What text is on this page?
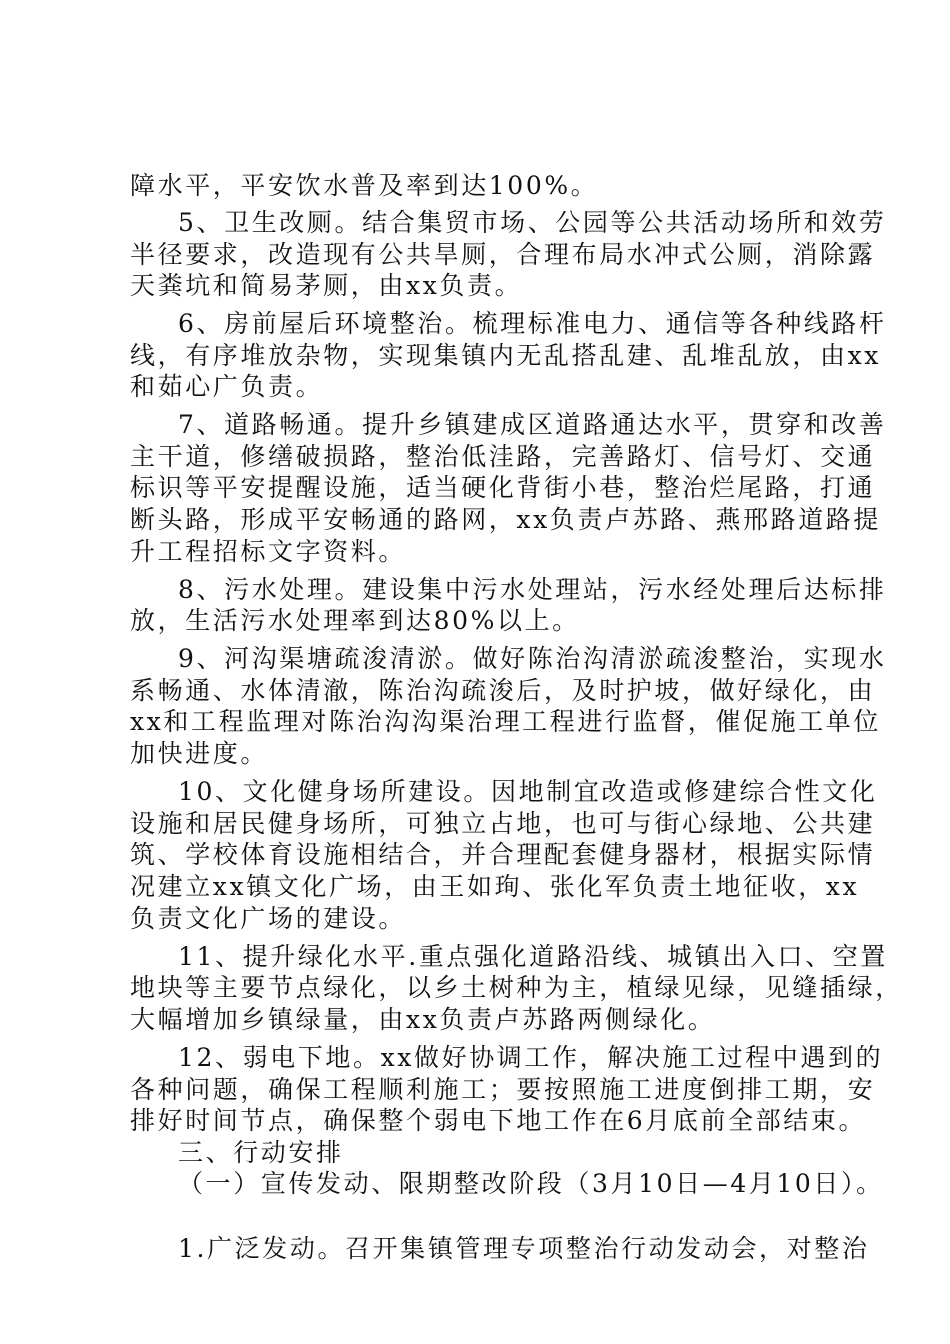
障水平，平安饮水普及率到达100%。
5、卫生改厕。结合集贸市场、公园等公共活动场所和效劳
半径要求，改造现有公共旱厕，合理布局水冲式公厕，消除露
天粪坑和简易茅厕，由xx负责。
6、房前屋后环境整治。梳理标准电力、通信等各种线路杆
线，有序堆放杂物，实现集镇内无乱搭乱建、乱堆乱放，由xx
和茹心广负责。
7、道路畅通。提升乡镇建成区道路通达水平，贯穿和改善
主干道，修缮破损路，整治低洼路，完善路灯、信号灯、交通
标识等平安提醒设施，适当硬化背街小巷，整治烂尾路，打通
断头路，形成平安畅通的路网，xx负责卢苏路、燕邢路道路提
升工程招标文字资料。
8、污水处理。建设集中污水处理站，污水经处理后达标排
放，生活污水处理率到达80%以上。
9、河沟渠塘疏浚清淤。做好陈治沟清淤疏浚整治，实现水
系畅通、水体清澈，陈治沟疏浚后，及时护坡，做好绿化，由
xx和工程监理对陈治沟沟渠治理工程进行监督，催促施工单位
加快进度。
10、文化健身场所建设。因地制宜改造或修建综合性文化
设施和居民健身场所，可独立占地，也可与街心绿地、公共建
筑、学校体育设施相结合，并合理配套健身器材，根据实际情
况建立xx镇文化广场，由王如珣、张化军负责土地征收，xx
负责文化广场的建设。
11、提升绿化水平.重点强化道路沿线、城镇出入口、空置
地块等主要节点绿化，以乡土树种为主，植绿见绿，见缝插绿，
大幅增加乡镇绿量，由xx负责卢苏路两侧绿化。
12、弱电下地。xx做好协调工作，解决施工过程中遇到的
各种问题，确保工程顺利施工；要按照施工进度倒排工期，安
排好时间节点，确保整个弱电下地工作在6月底前全部结束。
三、行动安排
（一）宣传发动、限期整改阶段（3月10日—4月10日）。
1.广泛发动。召开集镇管理专项整治行动发动会，对整治
